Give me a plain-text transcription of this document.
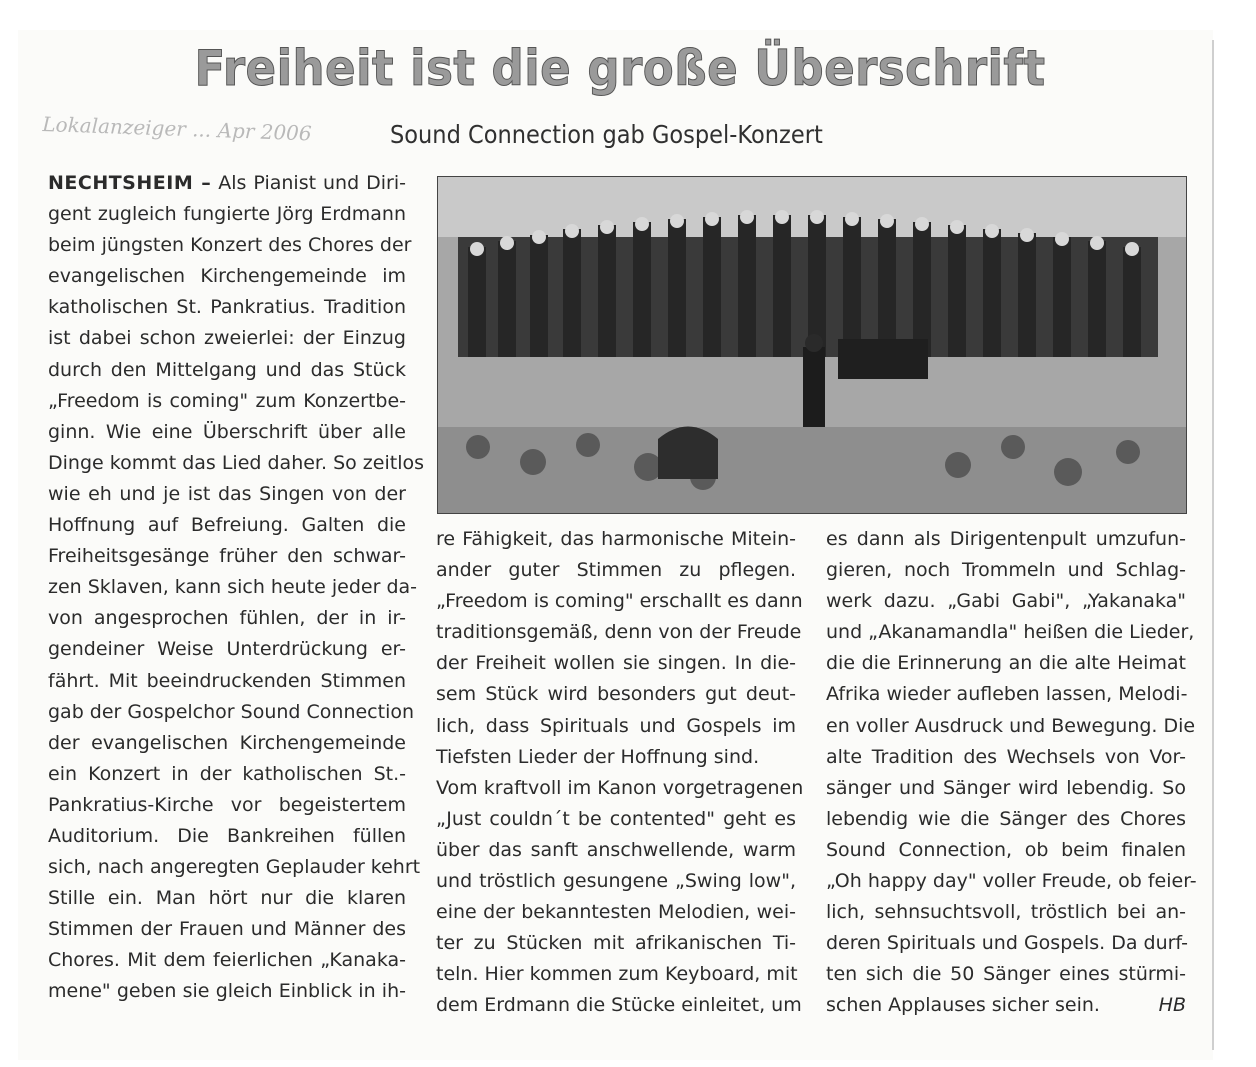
Freiheit ist die große Überschrift
Lokalanzeiger ... Apr 2006	Sound Connection gab Gospel-Konzert
NECHTSHEIM – Als Pianist und Diri-
gent zugleich fungierte Jörg Erdmann
beim jüngsten Konzert des Chores der
evangelischen Kirchengemeinde im
katholischen St. Pankratius. Tradition
ist dabei schon zweierlei: der Einzug
durch den Mittelgang und das Stück
„Freedom is coming" zum Konzertbe-
ginn. Wie eine Überschrift über alle
Dinge kommt das Lied daher. So zeitlos
wie eh und je ist das Singen von der
Hoffnung auf Befreiung. Galten die
Freiheitsgesänge früher den schwar-
zen Sklaven, kann sich heute jeder da-
von angesprochen fühlen, der in ir-
gendeiner Weise Unterdrückung er-
fährt. Mit beeindruckenden Stimmen
gab der Gospelchor Sound Connection
der evangelischen Kirchengemeinde
ein Konzert in der katholischen St.-
Pankratius-Kirche vor begeistertem
Auditorium. Die Bankreihen füllen
sich, nach angeregten Geplauder kehrt
Stille ein. Man hört nur die klaren
Stimmen der Frauen und Männer des
Chores. Mit dem feierlichen „Kanaka-
mene" geben sie gleich Einblick in ih-
re Fähigkeit, das harmonische Mitein-
ander guter Stimmen zu pflegen.
„Freedom is coming" erschallt es dann
traditionsgemäß, denn von der Freude
der Freiheit wollen sie singen. In die-
sem Stück wird besonders gut deut-
lich, dass Spirituals und Gospels im
Tiefsten Lieder der Hoffnung sind.
Vom kraftvoll im Kanon vorgetragenen
„Just couldn´t be contented" geht es
über das sanft anschwellende, warm
und tröstlich gesungene „Swing low",
eine der bekanntesten Melodien, wei-
ter zu Stücken mit afrikanischen Ti-
teln. Hier kommen zum Keyboard, mit
dem Erdmann die Stücke einleitet, um
es dann als Dirigentenpult umzufun-
gieren, noch Trommeln und Schlag-
werk dazu. „Gabi Gabi", „Yakanaka"
und „Akanamandla" heißen die Lieder,
die die Erinnerung an die alte Heimat
Afrika wieder aufleben lassen, Melodi-
en voller Ausdruck und Bewegung. Die
alte Tradition des Wechsels von Vor-
sänger und Sänger wird lebendig. So
lebendig wie die Sänger des Chores
Sound Connection, ob beim finalen
„Oh happy day" voller Freude, ob feier-
lich, sehnsuchtsvoll, tröstlich bei an-
deren Spirituals und Gospels. Da durf-
ten sich die 50 Sänger eines stürmi-
schen Applauses sicher sein.	HB
